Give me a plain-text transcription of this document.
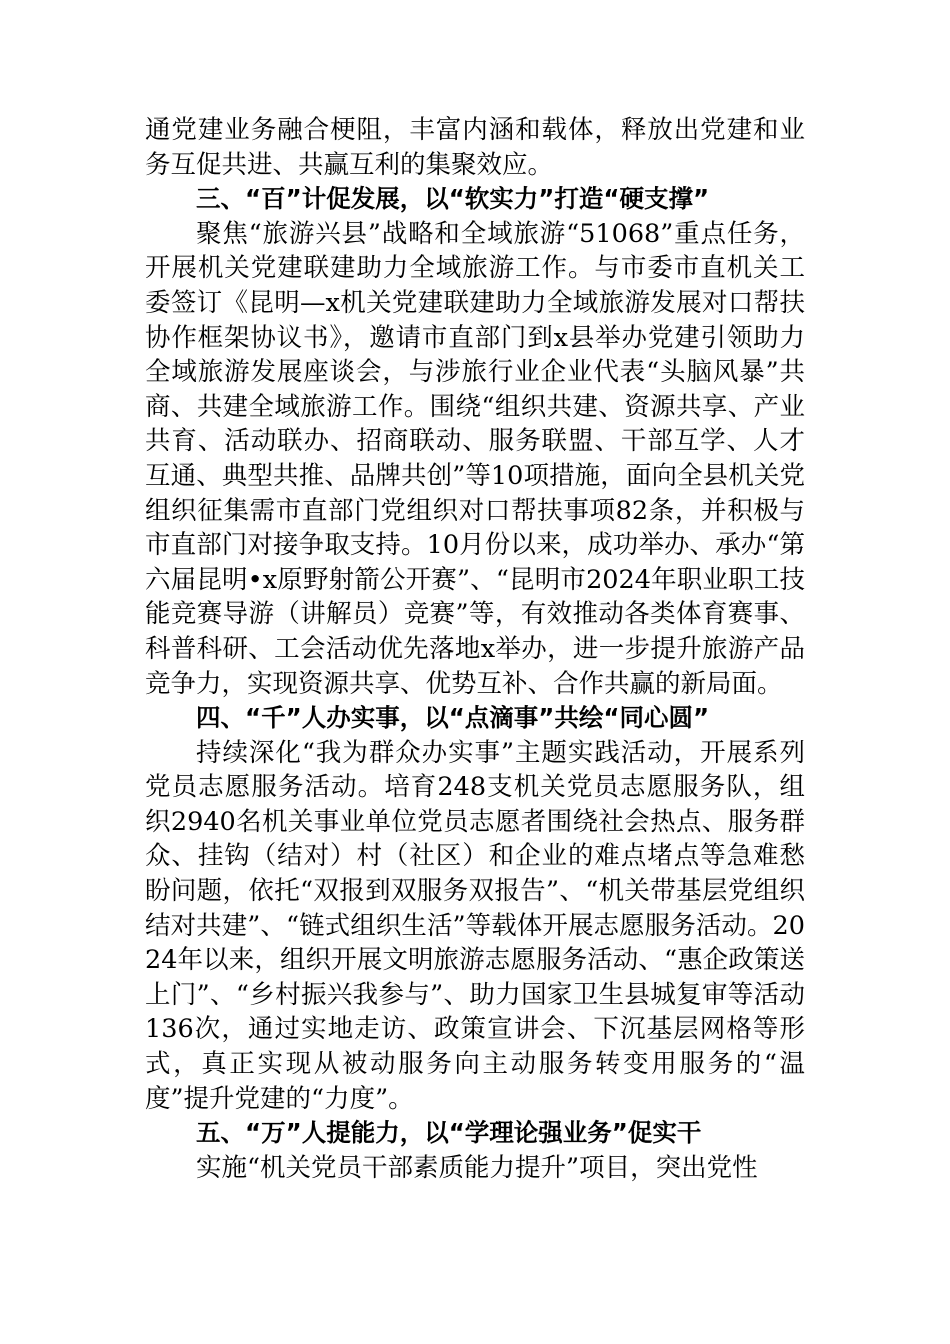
通党建业务融合梗阻，丰富内涵和载体，释放出党建和业务互促共进、共赢互利的集聚效应。

三、“百”计促发展，以“软实力”打造“硬支撑”

聚焦“旅游兴县”战略和全域旅游“51068”重点任务，开展机关党建联建助力全域旅游工作。与市委市直机关工委签订《昆明—x机关党建联建助力全域旅游发展对口帮扶协作框架协议书》，邀请市直部门到x县举办党建引领助力全域旅游发展座谈会，与涉旅行业企业代表“头脑风暴”共商、共建全域旅游工作。围绕“组织共建、资源共享、产业共育、活动联办、招商联动、服务联盟、干部互学、人才互通、典型共推、品牌共创”等10项措施，面向全县机关党组织征集需市直部门党组织对口帮扶事项82条，并积极与市直部门对接争取支持。10月份以来，成功举办、承办“第六届昆明•x原野射箭公开赛”、“昆明市2024年职业职工技能竞赛导游（讲解员）竞赛”等，有效推动各类体育赛事、科普科研、工会活动优先落地x举办，进一步提升旅游产品竞争力，实现资源共享、优势互补、合作共赢的新局面。

四、“千”人办实事，以“点滴事”共绘“同心圆”

持续深化“我为群众办实事”主题实践活动，开展系列党员志愿服务活动。培育248支机关党员志愿服务队，组织2940名机关事业单位党员志愿者围绕社会热点、服务群众、挂钩（结对）村（社区）和企业的难点堵点等急难愁盼问题，依托“双报到双服务双报告”、“机关带基层党组织结对共建”、“链式组织生活”等载体开展志愿服务活动。2024年以来，组织开展文明旅游志愿服务活动、“惠企政策送上门”、“乡村振兴我参与”、助力国家卫生县城复审等活动136次，通过实地走访、政策宣讲会、下沉基层网格等形式，真正实现从被动服务向主动服务转变用服务的“温度”提升党建的“力度”。

五、“万”人提能力，以“学理论强业务”促实干

实施“机关党员干部素质能力提升”项目，突出党性
